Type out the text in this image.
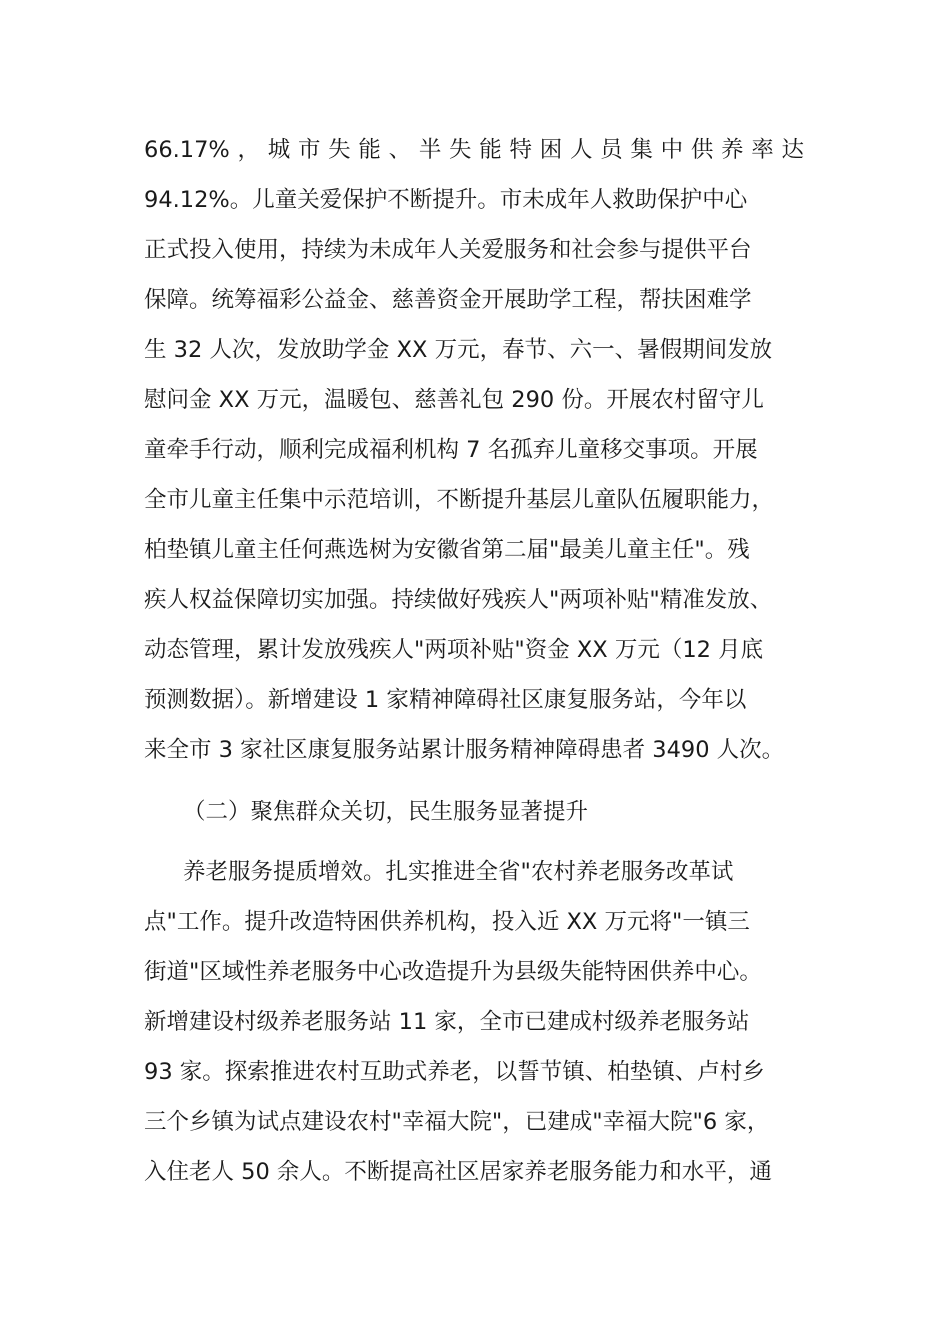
66.17%，城市失能、半失能特困人员集中供养率达
94.12%。儿童关爱保护不断提升。市未成年人救助保护中心
正式投入使用，持续为未成年人关爱服务和社会参与提供平台
保障。统筹福彩公益金、慈善资金开展助学工程，帮扶困难学
生 32 人次，发放助学金 XX 万元，春节、六一、暑假期间发放
慰问金 XX 万元，温暖包、慈善礼包 290 份。开展农村留守儿
童牵手行动，顺利完成福利机构 7 名孤弃儿童移交事项。开展
全市儿童主任集中示范培训，不断提升基层儿童队伍履职能力，
柏垫镇儿童主任何燕选树为安徽省第二届"最美儿童主任"。残
疾人权益保障切实加强。持续做好残疾人"两项补贴"精准发放、
动态管理，累计发放残疾人"两项补贴"资金 XX 万元（12 月底
预测数据）。新增建设 1 家精神障碍社区康复服务站，今年以
来全市 3 家社区康复服务站累计服务精神障碍患者 3490 人次。
（二）聚焦群众关切，民生服务显著提升
养老服务提质增效。扎实推进全省"农村养老服务改革试
点"工作。提升改造特困供养机构，投入近 XX 万元将"一镇三
街道"区域性养老服务中心改造提升为县级失能特困供养中心。
新增建设村级养老服务站 11 家，全市已建成村级养老服务站
93 家。探索推进农村互助式养老，以誓节镇、柏垫镇、卢村乡
三个乡镇为试点建设农村"幸福大院"，已建成"幸福大院"6 家，
入住老人 50 余人。不断提高社区居家养老服务能力和水平，通
